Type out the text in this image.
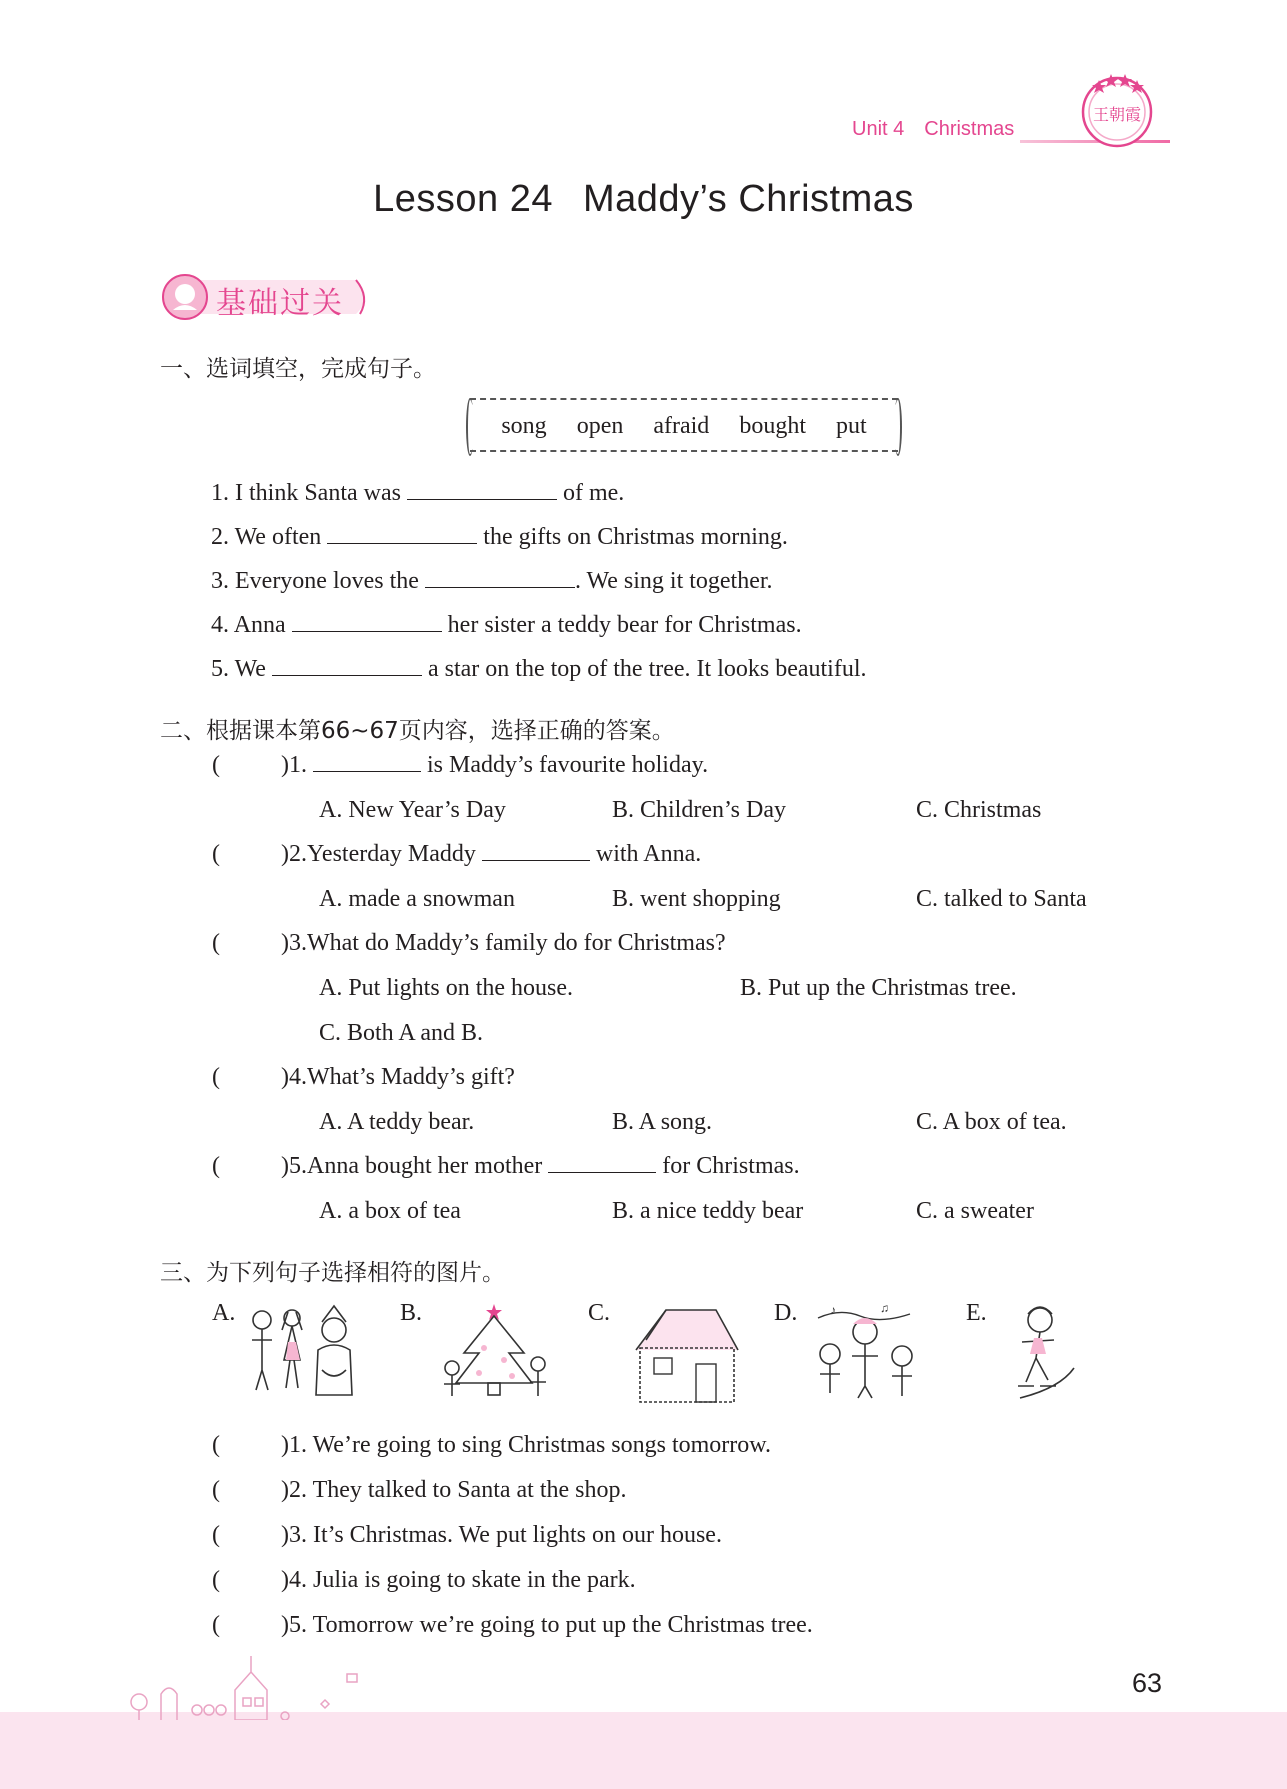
Unit 4 Christmas
王朝霞
Lesson 24 Maddy’s Christmas
基础过关
一、选词填空，完成句子。
song open afraid bought put
1. I think Santa was	of me.
2. We often	the gifts on Christmas morning.
3. Everyone loves the	. We sing it together.
4. Anna	her sister a teddy bear for Christmas.
5. We	a star on the top of the tree. It looks beautiful.
二、根据课本第66~67页内容，选择正确的答案。
(	)1.	is Maddy’s favourite holiday.
A. New Year’s Day	B. Children’s Day	C. Christmas
(	)2.Yesterday Maddy	with Anna.
A. made a snowman	B. went shopping	C. talked to Santa
(	)3.What do Maddy’s family do for Christmas?
A. Put lights on the house.	B. Put up the Christmas tree.
C. Both A and B.
(	)4.What’s Maddy’s gift?
A. A teddy bear.	B. A song.	C. A box of tea.
(	)5.Anna bought her mother	for Christmas.
A. a box of tea	B. a nice teddy bear	C. a sweater
三、为下列句子选择相符的图片。
A.	B.	C.	D.	♪	♫	E.
(	)1. We’re going to sing Christmas songs tomorrow.
(	)2. They talked to Santa at the shop.
(	)3. It’s Christmas. We put lights on our house.
(	)4. Julia is going to skate in the park.
(	)5. Tomorrow we’re going to put up the Christmas tree.
63
